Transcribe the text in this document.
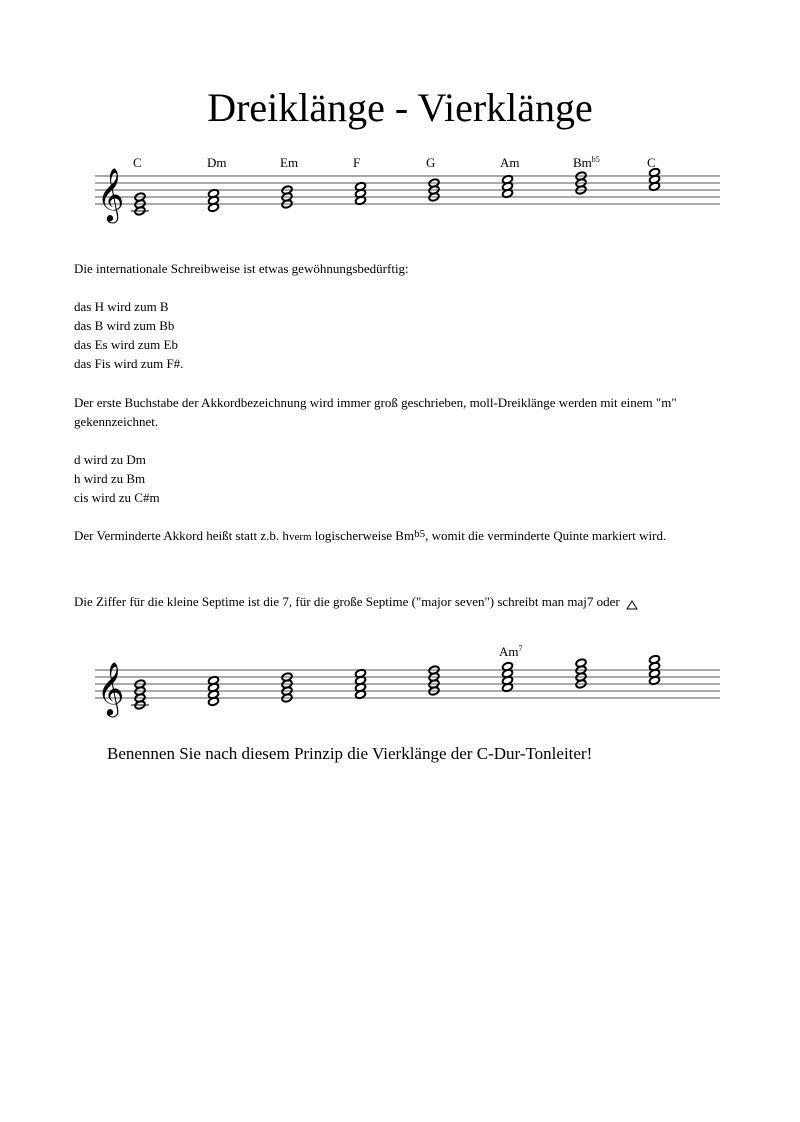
Dreiklänge - Vierklänge
C	Dm	Em	F	G	Am	$Bm^{b5}$	C
𝄞

Die internationale Schreibweise ist etwas gewöhnungsbedürftig:

das H wird zum B

das B wird zum Bb

das Es wird zum Eb

das Fis wird zum F#.

Der erste Buchstabe der Akkordbezeichnung wird immer groß geschrieben, moll-Dreiklänge werden mit einem "m" gekennzeichnet.

d wird zu Dm

h wird zu Bm

cis wird zu C#m

Der Verminderte Akkord heißt statt z.b. hverm logischerweise $Bm^{b5}$, womit die verminderte Quinte markiert wird.

Die Ziffer für die kleine Septime ist die 7, für die große Septime ("major seven") schreibt man maj7 oder

Am$^7$
𝄞
Benennen Sie nach diesem Prinzip die Vierklänge der C-Dur-Tonleiter!
